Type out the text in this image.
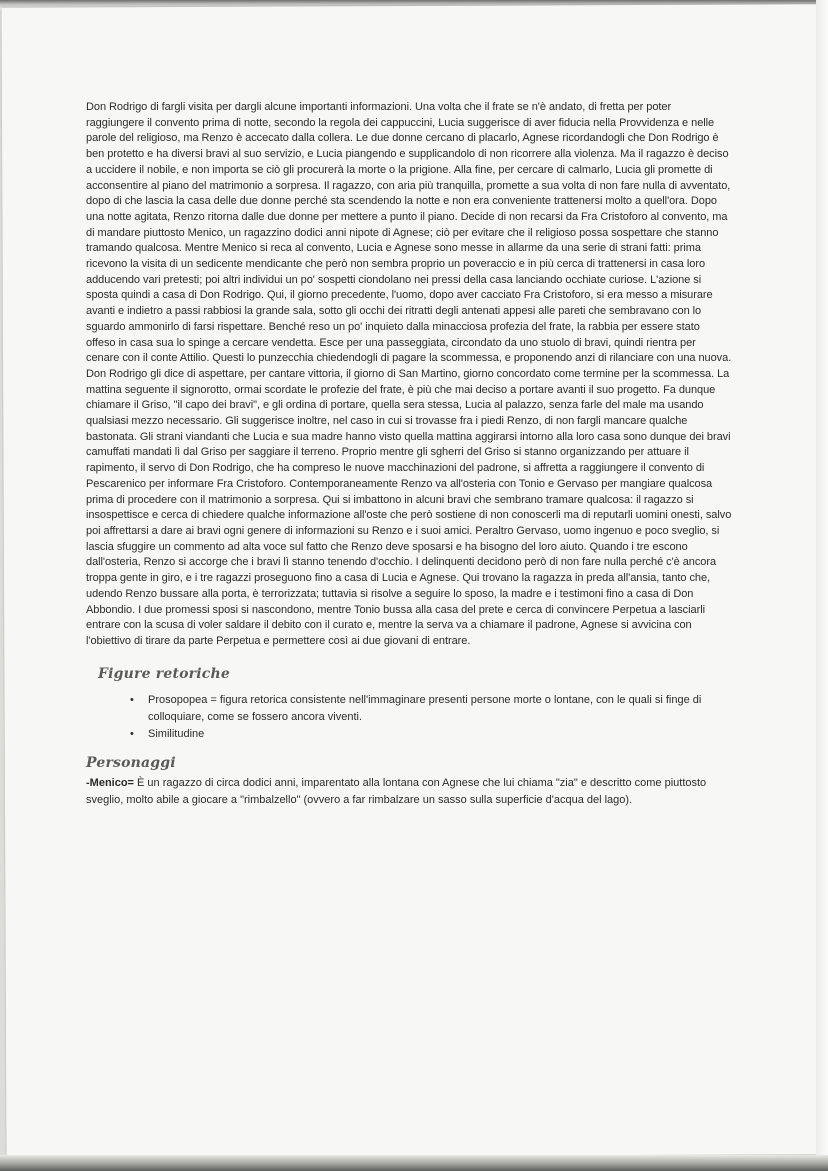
Don Rodrigo di fargli visita per dargli alcune importanti informazioni. Una volta che il frate se n'è andato, di fretta per poter raggiungere il convento prima di notte, secondo la regola dei cappuccini, Lucia suggerisce di aver fiducia nella Provvidenza e nelle parole del religioso, ma Renzo è accecato dalla collera. Le due donne cercano di placarlo, Agnese ricordandogli che Don Rodrigo è ben protetto e ha diversi bravi al suo servizio, e Lucia piangendo e supplicandolo di non ricorrere alla violenza. Ma il ragazzo è deciso a uccidere il nobile, e non importa se ciò gli procurerà la morte o la prigione. Alla fine, per cercare di calmarlo, Lucia gli promette di acconsentire al piano del matrimonio a sorpresa. Il ragazzo, con aria più tranquilla, promette a sua volta di non fare nulla di avventato, dopo di che lascia la casa delle due donne perché sta scendendo la notte e non era conveniente trattenersi molto a quell'ora. Dopo una notte agitata, Renzo ritorna dalle due donne per mettere a punto il piano. Decide di non recarsi da Fra Cristoforo al convento, ma di mandare piuttosto Menico, un ragazzino dodici anni nipote di Agnese; ciò per evitare che il religioso possa sospettare che stanno tramando qualcosa. Mentre Menico si reca al convento, Lucia e Agnese sono messe in allarme da una serie di strani fatti: prima ricevono la visita di un sedicente mendicante che però non sembra proprio un poveraccio e in più cerca di trattenersi in casa loro adducendo vari pretesti; poi altri individui un po' sospetti ciondolano nei pressi della casa lanciando occhiate curiose. L'azione si sposta quindi a casa di Don Rodrigo. Qui, il giorno precedente, l'uomo, dopo aver cacciato Fra Cristoforo, si era messo a misurare avanti e indietro a passi rabbiosi la grande sala, sotto gli occhi dei ritratti degli antenati appesi alle pareti che sembravano con lo sguardo ammonirlo di farsi rispettare. Benché reso un po' inquieto dalla minacciosa profezia del frate, la rabbia per essere stato offeso in casa sua lo spinge a cercare vendetta. Esce per una passeggiata, circondato da uno stuolo di bravi, quindi rientra per cenare con il conte Attilio. Questi lo punzecchia chiedendogli di pagare la scommessa, e proponendo anzi di rilanciare con una nuova. Don Rodrigo gli dice di aspettare, per cantare vittoria, il giorno di San Martino, giorno concordato come termine per la scommessa. La mattina seguente il signorotto, ormai scordate le profezie del frate, è più che mai deciso a portare avanti il suo progetto. Fa dunque chiamare il Griso, "il capo dei bravi", e gli ordina di portare, quella sera stessa, Lucia al palazzo, senza farle del male ma usando qualsiasi mezzo necessario. Gli suggerisce inoltre, nel caso in cui si trovasse fra i piedi Renzo, di non fargli mancare qualche bastonata. Gli strani viandanti che Lucia e sua madre hanno visto quella mattina aggirarsi intorno alla loro casa sono dunque dei bravi camuffati mandati lì dal Griso per saggiare il terreno. Proprio mentre gli sgherri del Griso si stanno organizzando per attuare il rapimento, il servo di Don Rodrigo, che ha compreso le nuove macchinazioni del padrone, si affretta a raggiungere il convento di Pescarenico per informare Fra Cristoforo. Contemporaneamente Renzo va all'osteria con Tonio e Gervaso per mangiare qualcosa prima di procedere con il matrimonio a sorpresa. Qui si imbattono in alcuni bravi che sembrano tramare qualcosa: il ragazzo si insospettisce e cerca di chiedere qualche informazione all'oste che però sostiene di non conoscerli ma di reputarli uomini onesti, salvo poi affrettarsi a dare ai bravi ogni genere di informazioni su Renzo e i suoi amici. Peraltro Gervaso, uomo ingenuo e poco sveglio, si lascia sfuggire un commento ad alta voce sul fatto che Renzo deve sposarsi e ha bisogno del loro aiuto. Quando i tre escono dall'osteria, Renzo si accorge che i bravi lì stanno tenendo d'occhio. I delinquenti decidono però di non fare nulla perché c'è ancora troppa gente in giro, e i tre ragazzi proseguono fino a casa di Lucia e Agnese. Qui trovano la ragazza in preda all'ansia, tanto che, udendo Renzo bussare alla porta, è terrorizzata; tuttavia si risolve a seguire lo sposo, la madre e i testimoni fino a casa di Don Abbondio. I due promessi sposi si nascondono, mentre Tonio bussa alla casa del prete e cerca di convincere Perpetua a lasciarli entrare con la scusa di voler saldare il debito con il curato e, mentre la serva va a chiamare il padrone, Agnese si avvicina con l'obiettivo di tirare da parte Perpetua e permettere così ai due giovani di entrare.

Figure retoriche
• Prosopopea = figura retorica consistente nell'immaginare presenti persone morte o lontane, con le quali si finge di colloquiare, come se fossero ancora viventi.
• Similitudine
Personaggi

-Menico= È un ragazzo di circa dodici anni, imparentato alla lontana con Agnese che lui chiama "zia" e descritto come piuttosto sveglio, molto abile a giocare a "rimbalzello" (ovvero a far rimbalzare un sasso sulla superficie d'acqua del lago).
